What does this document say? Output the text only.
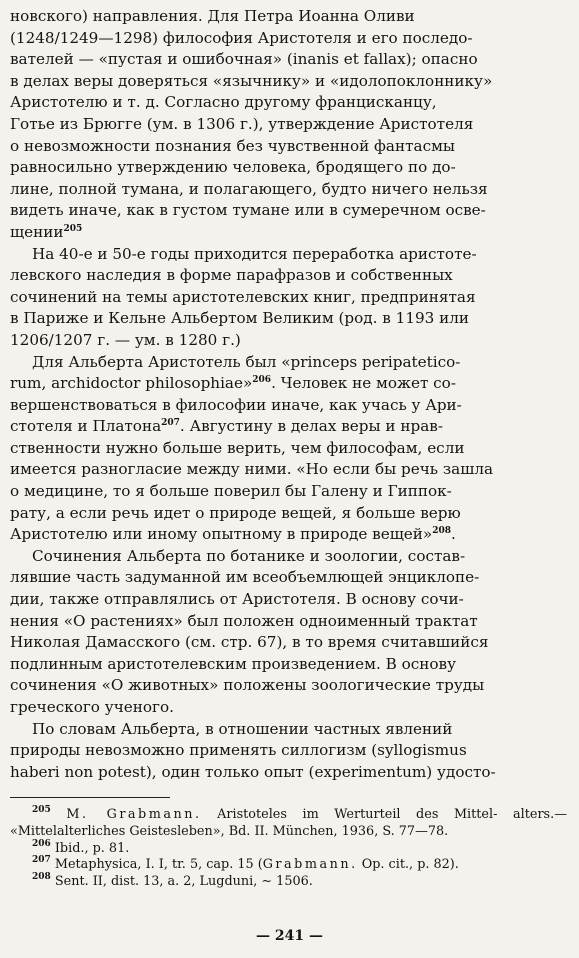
новского) направления. Для Петра Иоанна Оливи
(1248/1249—1298) философия Аристотеля и его последо-
вателей — «пустая и ошибочная» (inanis et fallax); опасно
в делах веры доверяться «язычнику» и «идолопоклоннику»
Аристотелю и т. д. Согласно другому францисканцу,
Готье из Брюгге (ум. в 1306 г.), утверждение Аристотеля
о невозможности познания без чувственной фантасмы
равносильно утверждению человека, бродящего по до-
лине, полной тумана, и полагающего, будто ничего нельзя
видеть иначе, как в густом тумане или в сумеречном осве-
щении$^{205}$

На 40-е и 50-е годы приходится переработка аристоте-
левского наследия в форме парафразов и собственных
сочинений на темы аристотелевских книг, предпринятая
в Париже и Кельне Альбертом Великим (род. в 1193 или
1206/1207 г. — ум. в 1280 г.)

Для Альберта Аристотель был «princeps peripateticо-
rum, archidoctor philosophiae»$^{206}$. Человек не может со-
вершенствоваться в философии иначе, как учась у Ари-
стотеля и Платона$^{207}$. Августину в делах веры и нрав-
ственности нужно больше верить, чем философам, если
имеется разногласие между ними. «Но если бы речь зашла
о медицине, то я больше поверил бы Галену и Гиппок-
рату, а если речь идет о природе вещей, я больше верю
Аристотелю или иному опытному в природе вещей»$^{208}$.

Сочинения Альберта по ботанике и зоологии, состав-
лявшие часть задуманной им всеобъемлющей энциклопе-
дии, также отправлялись от Аристотеля. В основу сочи-
нения «О растениях» был положен одноименный трактат
Николая Дамасского (см. стр. 67), в то время считавшийся
подлинным аристотелевским произведением. В основу
сочинения «О животных» положены зоологические труды
греческого ученого.

По словам Альберта, в отношении частных явлений
природы невозможно применять силлогизм (syllogismus
haberi non potest), один только опыт (experimentum) удосто-

$^{205}$ M. Grabmann. Aristoteles im Werturteil des Mittel- alters.— «Mittelalterliches Geistesleben», Bd. II. München, 1936, S. 77—78.

$^{206}$ Ibid., p. 81.

$^{207}$ Metaphysica, I. I, tr. 5, cap. 15 (Grabmann. Op. cit., p. 82).

$^{208}$ Sent. II, dist. 13, a. 2, Lugduni, ∼ 1506.

— 241 —
